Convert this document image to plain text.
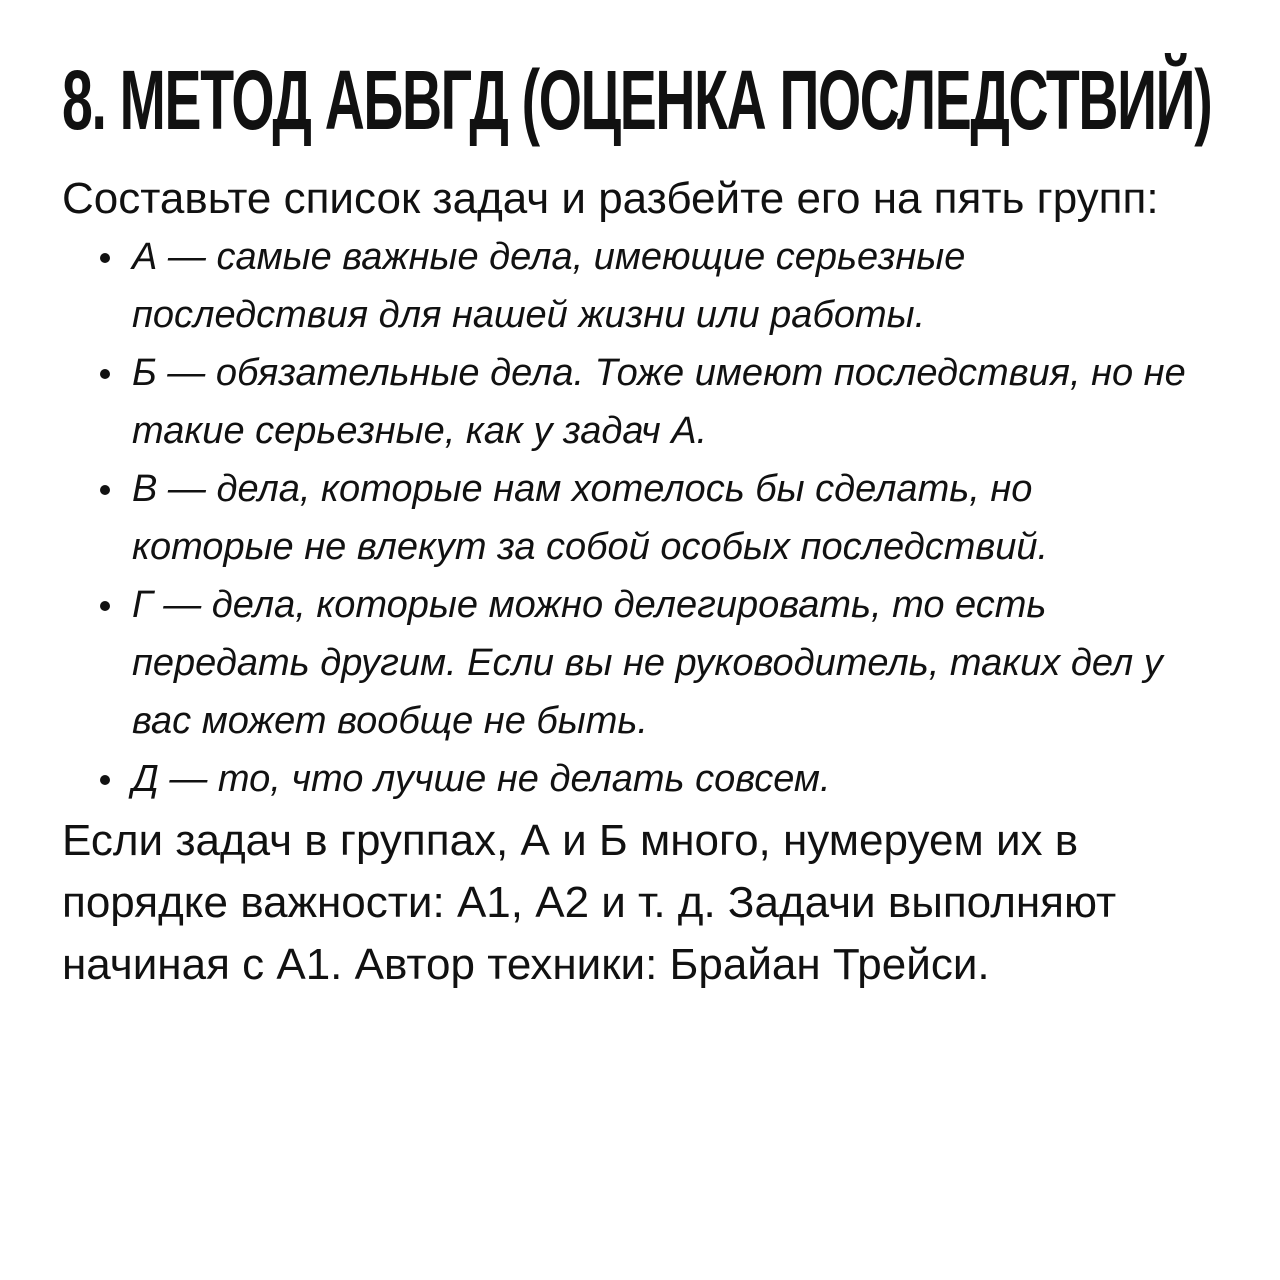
8. МЕТОД АБВГД (ОЦЕНКА ПОСЛЕДСТВИЙ)

Составьте список задач и разбейте его на пять групп:

А — самые важные дела, имеющие серьезные последствия для нашей жизни или работы.
Б — обязательные дела. Тоже имеют последствия, но не такие серьезные, как у задач А.
В — дела, которые нам хотелось бы сделать, но которые не влекут за собой особых последствий.
Г — дела, которые можно делегировать, то есть передать другим. Если вы не руководитель, таких дел у вас может вообще не быть.
Д — то, что лучше не делать совсем.

Если задач в группах, А и Б много, нумеруем их в порядке важности: А1, А2 и т. д. Задачи выполняют начиная с А1. Автор техники: Брайан Трейси.
